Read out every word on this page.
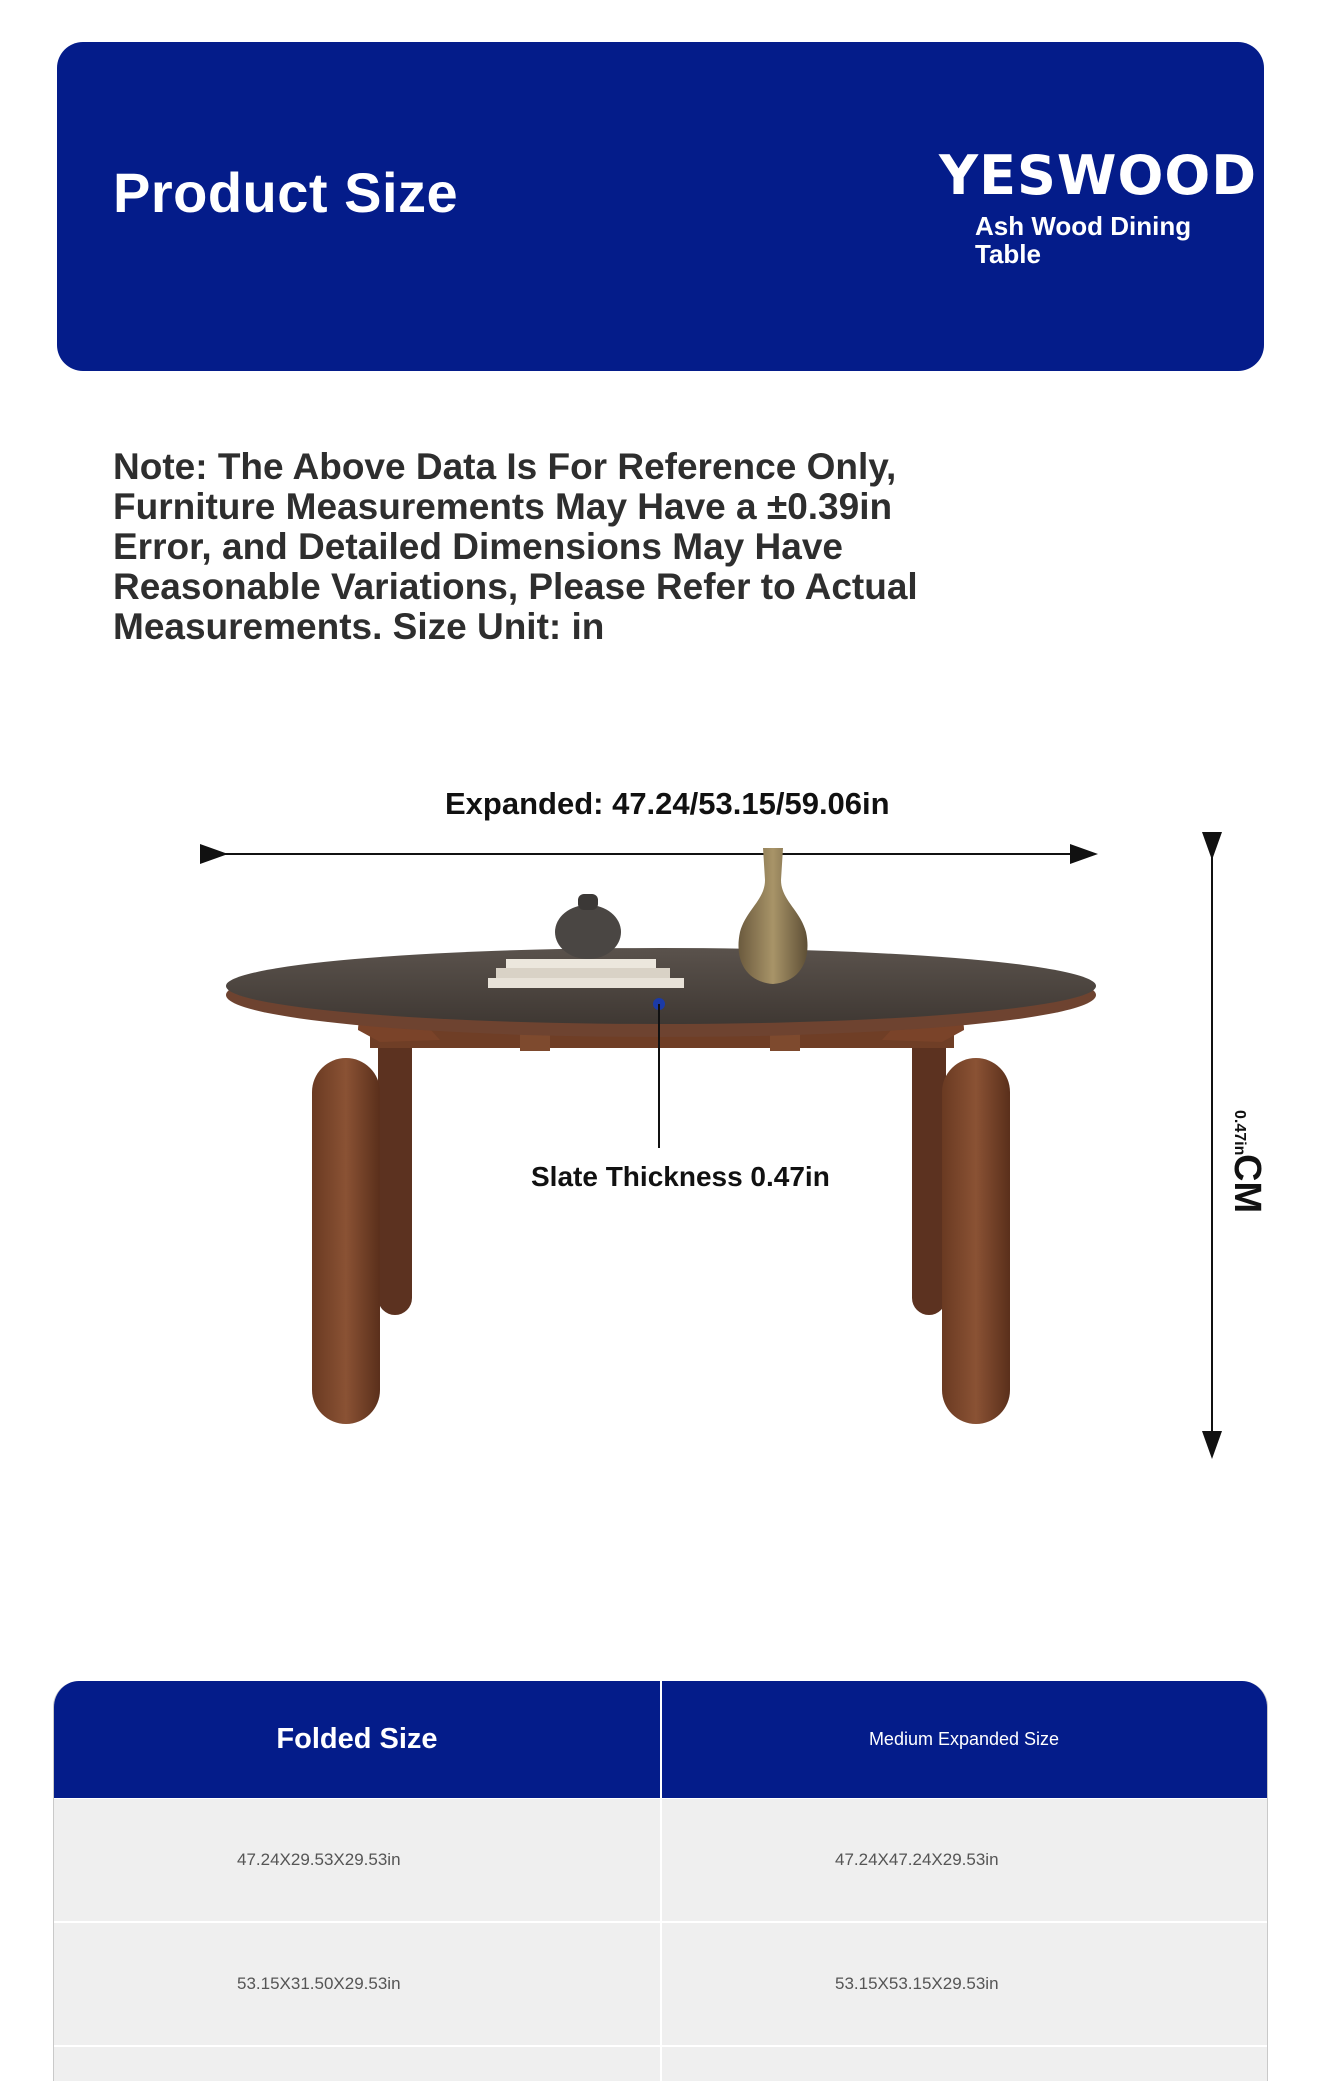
Product Size	YESWOOD
Ash Wood Dining Table
Note: The Above Data Is For Reference Only, Furniture Measurements May Have a ±0.39in Error, and Detailed Dimensions May Have Reasonable Variations, Please Refer to Actual Measurements. Size Unit: in
Expanded: 47.24/53.15/59.06in
Slate Thickness 0.47in
0.47in
CM
Folded Size	Medium Expanded Size
47.24X29.53X29.53in	47.24X47.24X29.53in
53.15X31.50X29.53in	53.15X53.15X29.53in
